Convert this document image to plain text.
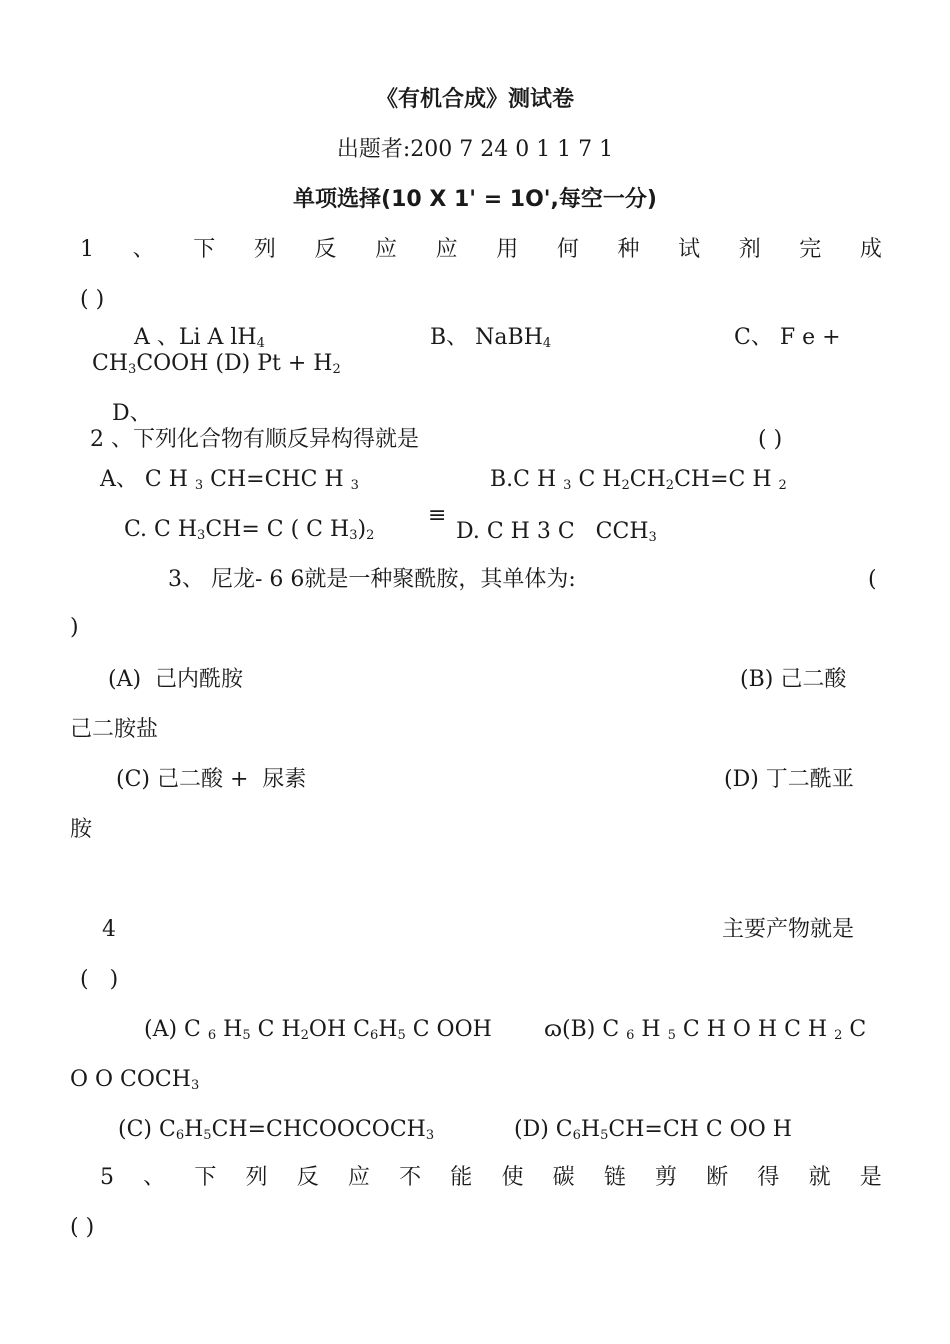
《有机合成》测试卷
出题者:200 7 24 0 1 1 7 1
单项选择(10 X 1' = 1O',每空一分)
1 、 下 列 反 应 应 用 何 种 试 剂 完 成
( )
A 、Li A $lH_4$	B、 NaBH$_4$	C、 F e +
$CH_3COOH$ (D) $Pt + H_2$
D、
2 、下列化合物有顺反异构得就是	( )
A、 C H $_3$ CH=CHC H $_3$	B.C H $_3$ C $H_2CH_2CH=C$ H $_2$
C. C $H_3CH= C$ ( C $H_3)_2$
≡
D. C H 3 C   $CCH_3$
3、 尼龙- 6 6就是一种聚酰胺，其单体为:	(
)
(A)  己内酰胺	(B) 己二酸
己二胺盐
(C) 己二酸 +  尿素	(D) 丁二酰亚
胺
4	主要产物就是
(   )
(A) C $_6$ $H_5$ C $H_2OH$ $C_6H_5$ C OOH ɷ (B) C $_6$ H $_5$ C H O H C H $_2$ C
O O $COCH_3$
(C) $C_6H_5CH=CHCOOCOCH_3$	(D) $C_6H_5CH=CH$ C OO H
5 、 下 列 反 应 不 能 使 碳 链 剪 断 得 就 是
( )
